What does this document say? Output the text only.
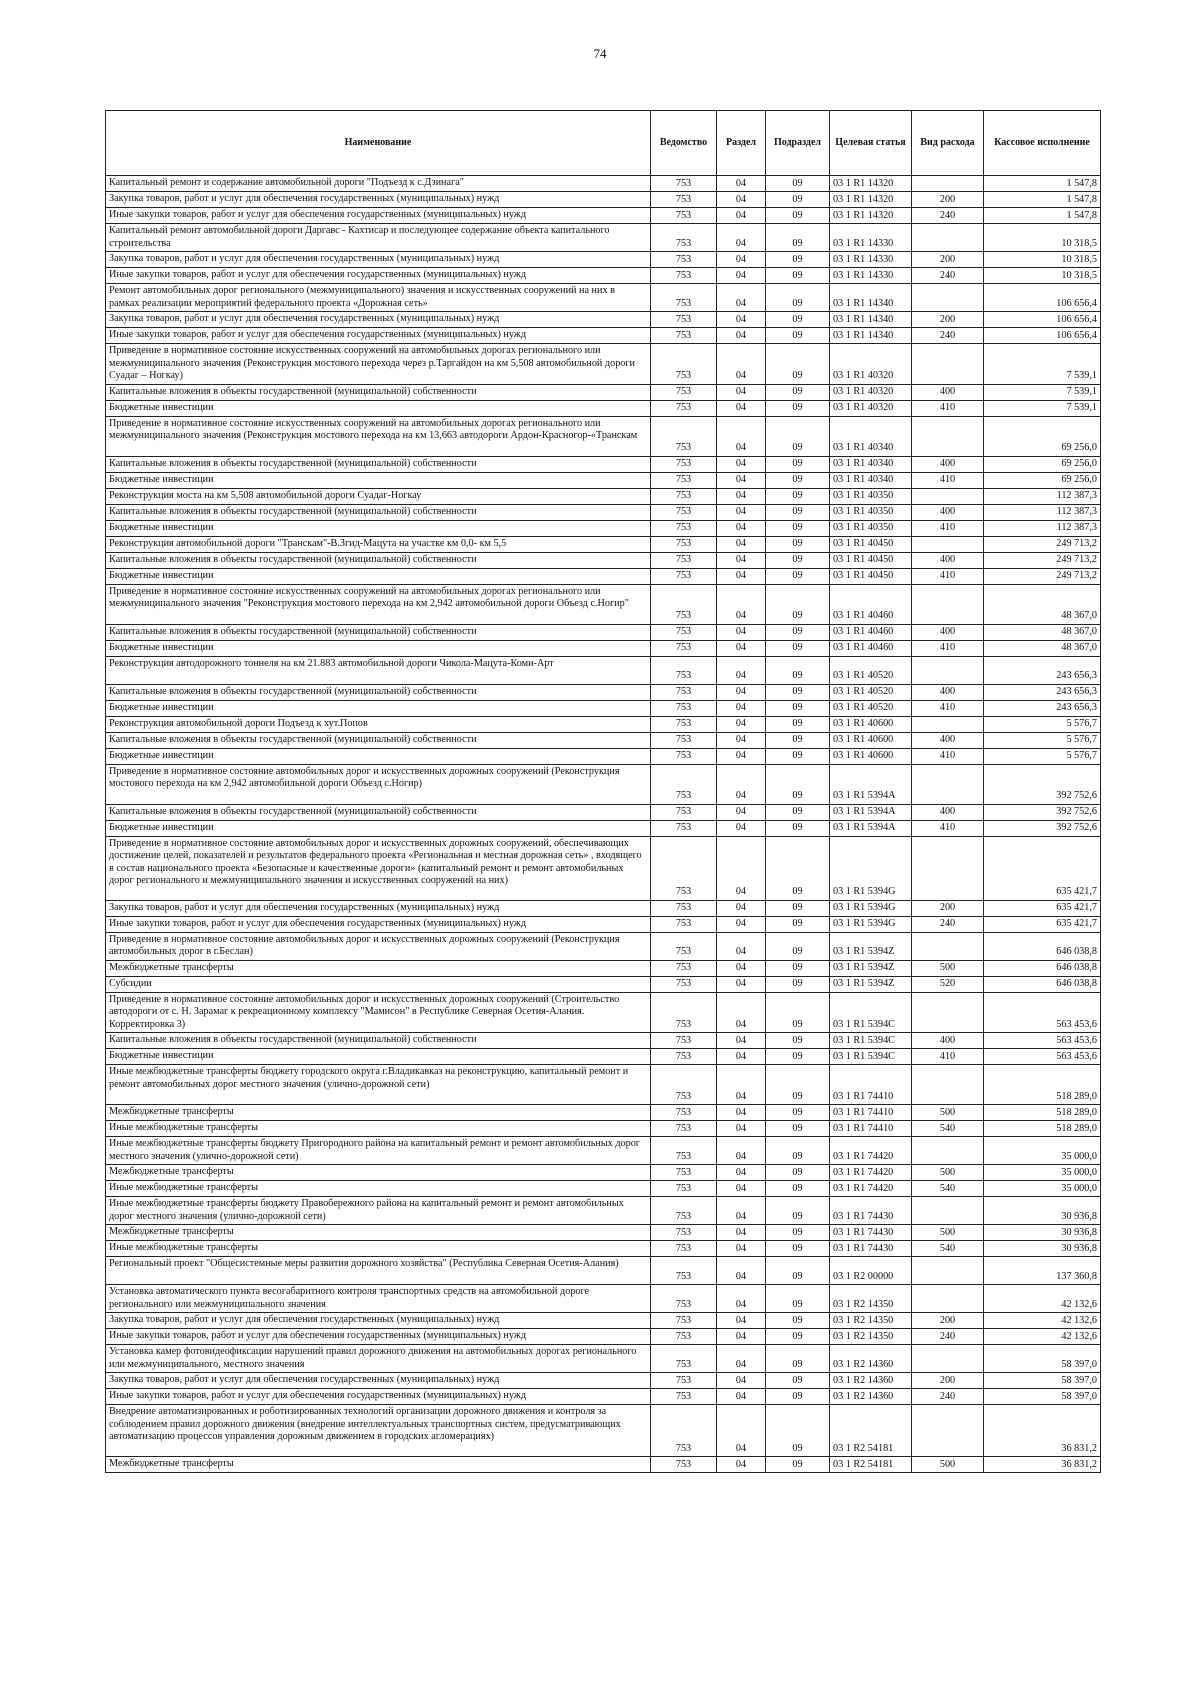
74
Наименование	Ведомство	Раздел	Подраздел	Целевая статья	Вид расхода	Кассовое исполнение
Капитальный ремонт и содержание автомобильной дороги "Подъезд к с.Дзинага"	753	04	09	03 1 R1 14320		1 547,8
Закупка товаров, работ и услуг для обеспечения государственных (муниципальных) нужд	753	04	09	03 1 R1 14320	200	1 547,8
Иные закупки товаров, работ и услуг для обеспечения государственных (муниципальных) нужд	753	04	09	03 1 R1 14320	240	1 547,8
Капитальный ремонт автомобильной дороги Даргавс - Кахтисар и последующее содержание объекта капитального строительства	753	04	09	03 1 R1 14330		10 318,5
Закупка товаров, работ и услуг для обеспечения государственных (муниципальных) нужд	753	04	09	03 1 R1 14330	200	10 318,5
Иные закупки товаров, работ и услуг для обеспечения государственных (муниципальных) нужд	753	04	09	03 1 R1 14330	240	10 318,5
Ремонт автомобильных дорог регионального (межмуниципального) значения и искусственных сооружений на них в рамках реализации мероприятий федерального проекта «Дорожная сеть»	753	04	09	03 1 R1 14340		106 656,4
Закупка товаров, работ и услуг для обеспечения государственных (муниципальных) нужд	753	04	09	03 1 R1 14340	200	106 656,4
Иные закупки товаров, работ и услуг для обеспечения государственных (муниципальных) нужд	753	04	09	03 1 R1 14340	240	106 656,4
Приведение в нормативное состояние искусственных сооружений на автомобильных дорогах регионального или межмуниципального значения (Реконструкция мостового перехода через р.Таргайдон на км 5,508 автомобильной дороги Суадаг – Ногкау)	753	04	09	03 1 R1 40320		7 539,1
Капитальные вложения в объекты государственной (муниципальной) собственности	753	04	09	03 1 R1 40320	400	7 539,1
Бюджетные инвестиции	753	04	09	03 1 R1 40320	410	7 539,1
Приведение в нормативное состояние искусственных сооружений на автомобильных дорогах регионального или межмуниципального значения (Реконструкция мостового перехода на км 13,663 автодороги Ардон-Красногор-«Транскам	753	04	09	03 1 R1 40340		69 256,0
Капитальные вложения в объекты государственной (муниципальной) собственности	753	04	09	03 1 R1 40340	400	69 256,0
Бюджетные инвестиции	753	04	09	03 1 R1 40340	410	69 256,0
Реконструкция моста на км 5,508 автомобильной дороги Суадаг-Ногкау	753	04	09	03 1 R1 40350		112 387,3
Капитальные вложения в объекты государственной (муниципальной) собственности	753	04	09	03 1 R1 40350	400	112 387,3
Бюджетные инвестиции	753	04	09	03 1 R1 40350	410	112 387,3
Реконструкция автомобильной дороги "Транскам"-В.Згид-Мацута на участке км 0,0- км 5,5	753	04	09	03 1 R1 40450		249 713,2
Капитальные вложения в объекты государственной (муниципальной) собственности	753	04	09	03 1 R1 40450	400	249 713,2
Бюджетные инвестиции	753	04	09	03 1 R1 40450	410	249 713,2
Приведение в нормативное состояние искусственных сооружений на автомобильных дорогах регионального или межмуниципального значения "Реконструкция мостового перехода на км 2,942 автомобильной дороги Объезд с.Ногир"	753	04	09	03 1 R1 40460		48 367,0
Капитальные вложения в объекты государственной (муниципальной) собственности	753	04	09	03 1 R1 40460	400	48 367,0
Бюджетные инвестиции	753	04	09	03 1 R1 40460	410	48 367,0
Реконструкция автодорожного тоннеля на км 21.883 автомобильной дороги Чикола-Мацута-Коми-Арт	753	04	09	03 1 R1 40520		243 656,3
Капитальные вложения в объекты государственной (муниципальной) собственности	753	04	09	03 1 R1 40520	400	243 656,3
Бюджетные инвестиции	753	04	09	03 1 R1 40520	410	243 656,3
Реконструкция автомобильной дороги Подъезд к хут.Попов	753	04	09	03 1 R1 40600		5 576,7
Капитальные вложения в объекты государственной (муниципальной) собственности	753	04	09	03 1 R1 40600	400	5 576,7
Бюджетные инвестиции	753	04	09	03 1 R1 40600	410	5 576,7
Приведение в нормативное состояние автомобильных дорог и искусственных дорожных сооружений (Реконструкция мостового перехода на км 2,942 автомобильной дороги Объезд с.Ногир)	753	04	09	03 1 R1 5394A		392 752,6
Капитальные вложения в объекты государственной (муниципальной) собственности	753	04	09	03 1 R1 5394A	400	392 752,6
Бюджетные инвестиции	753	04	09	03 1 R1 5394A	410	392 752,6
Приведение в нормативное состояние автомобильных дорог и искусственных дорожных сооружений, обеспечивающих достижение целей, показателей и результатов федерального проекта «Региональная и местная дорожная сеть» , входящего в состав национального проекта «Безопасные и качественные дороги» (капитальный ремонт и ремонт автомобильных дорог регионального и межмуниципального значения и искусственных сооружений на них)	753	04	09	03 1 R1 5394G		635 421,7
Закупка товаров, работ и услуг для обеспечения государственных (муниципальных) нужд	753	04	09	03 1 R1 5394G	200	635 421,7
Иные закупки товаров, работ и услуг для обеспечения государственных (муниципальных) нужд	753	04	09	03 1 R1 5394G	240	635 421,7
Приведение в нормативное состояние автомобильных дорог и искусственных дорожных сооружений (Реконструкция автомобильных дорог в г.Беслан)	753	04	09	03 1 R1 5394Z		646 038,8
Межбюджетные трансферты	753	04	09	03 1 R1 5394Z	500	646 038,8
Субсидии	753	04	09	03 1 R1 5394Z	520	646 038,8
Приведение в нормативное состояние автомобильных дорог и искусственных дорожных сооружений (Строительство автодороги от с. Н. Зарамаг к рекреационному комплексу "Мамисон" в Республике Северная Осетия-Алания. Корректировка 3)	753	04	09	03 1 R1 5394C		563 453,6
Капитальные вложения в объекты государственной (муниципальной) собственности	753	04	09	03 1 R1 5394C	400	563 453,6
Бюджетные инвестиции	753	04	09	03 1 R1 5394C	410	563 453,6
Иные межбюджетные трансферты бюджету городского округа г.Владикавказ на реконструкцию, капитальный ремонт и ремонт автомобильных дорог местного значения (улично-дорожной сети)	753	04	09	03 1 R1 74410		518 289,0
Межбюджетные трансферты	753	04	09	03 1 R1 74410	500	518 289,0
Иные межбюджетные трансферты	753	04	09	03 1 R1 74410	540	518 289,0
Иные межбюджетные трансферты бюджету Пригородного района на капитальный ремонт и ремонт автомобильных дорог местного значения (улично-дорожной сети)	753	04	09	03 1 R1 74420		35 000,0
Межбюджетные трансферты	753	04	09	03 1 R1 74420	500	35 000,0
Иные межбюджетные трансферты	753	04	09	03 1 R1 74420	540	35 000,0
Иные межбюджетные трансферты бюджету Правобережного района на капитальный ремонт и ремонт автомобильных дорог местного значения (улично-дорожной сети)	753	04	09	03 1 R1 74430		30 936,8
Межбюджетные трансферты	753	04	09	03 1 R1 74430	500	30 936,8
Иные межбюджетные трансферты	753	04	09	03 1 R1 74430	540	30 936,8
Региональный проект "Общесистемные меры развития дорожного хозяйства" (Республика Северная Осетия-Алания)	753	04	09	03 1 R2 00000		137 360,8
Установка автоматического пункта весогабаритного контроля транспортных средств на автомобильной дороге регионального или межмуниципального значения	753	04	09	03 1 R2 14350		42 132,6
Закупка товаров, работ и услуг для обеспечения государственных (муниципальных) нужд	753	04	09	03 1 R2 14350	200	42 132,6
Иные закупки товаров, работ и услуг для обеспечения государственных (муниципальных) нужд	753	04	09	03 1 R2 14350	240	42 132,6
Установка камер фотовидеофиксации нарушений правил дорожного движения на автомобильных дорогах регионального или межмуниципального, местного значения	753	04	09	03 1 R2 14360		58 397,0
Закупка товаров, работ и услуг для обеспечения государственных (муниципальных) нужд	753	04	09	03 1 R2 14360	200	58 397,0
Иные закупки товаров, работ и услуг для обеспечения государственных (муниципальных) нужд	753	04	09	03 1 R2 14360	240	58 397,0
Внедрение автоматизированных и роботизированных технологий организации дорожного движения и контроля за соблюдением правил дорожного движения (внедрение интеллектуальных транспортных систем, предусматривающих автоматизацию процессов управления дорожным движением в городских агломерациях)	753	04	09	03 1 R2 54181		36 831,2
Межбюджетные трансферты	753	04	09	03 1 R2 54181	500	36 831,2
